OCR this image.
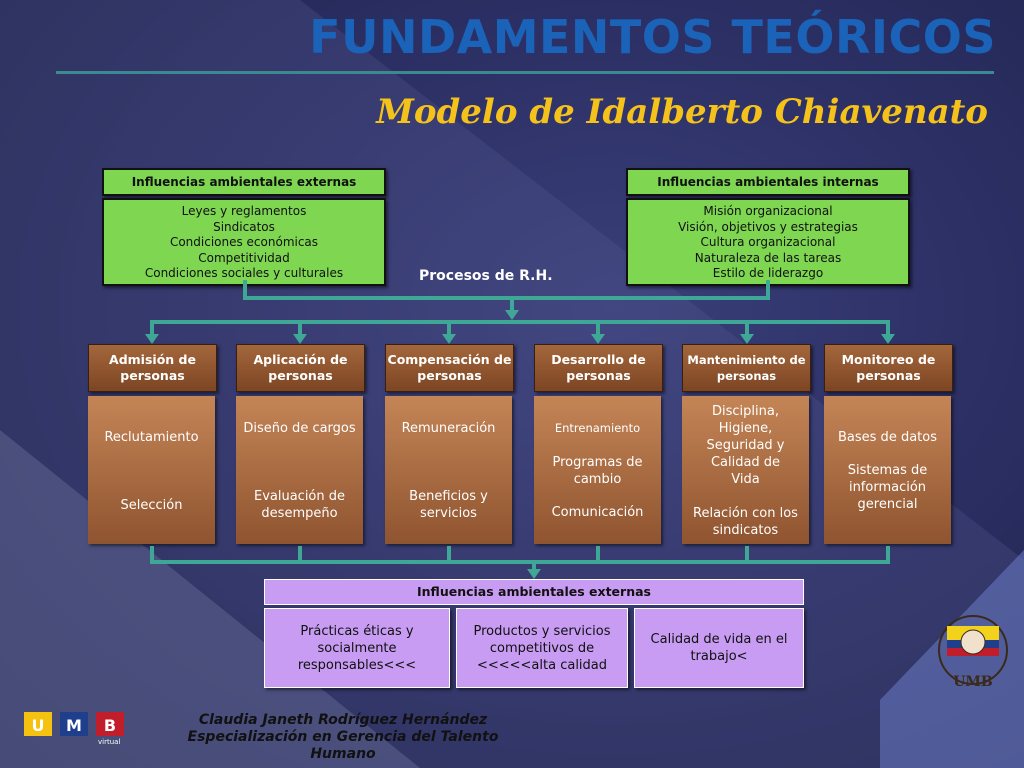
FUNDAMENTOS TEÓRICOS
Modelo de Idalberto Chiavenato
Influencias ambientales externas
Leyes y reglamentos
Sindicatos
Condiciones económicas
Competitividad
Condiciones sociales y culturales
Influencias ambientales internas
Misión organizacional
Visión, objetivos y estrategias
Cultura organizacional
Naturaleza de las tareas
Estilo de liderazgo
Procesos de R.H.
Admisión de personas
Reclutamiento
Selección
Aplicación de personas
Diseño de cargos
Evaluación de desempeño
Compensación de personas
Remuneración
Beneficios y servicios
Desarrollo de personas
Entrenamiento
Programas de cambio
Comunicación
Mantenimiento de personas
Disciplina, Higiene, Seguridad y Calidad de Vida
Relación con los sindicatos
Monitoreo de personas
Bases de datos
Sistemas de información gerencial
Influencias ambientales externas
Prácticas éticas y socialmente responsables<<<
Productos y servicios competitivos de <<<<<alta calidad
Calidad de vida en el trabajo<
U M B
virtual
Claudia Janeth Rodríguez Hernández
Especialización en Gerencia del Talento Humano
UMB
